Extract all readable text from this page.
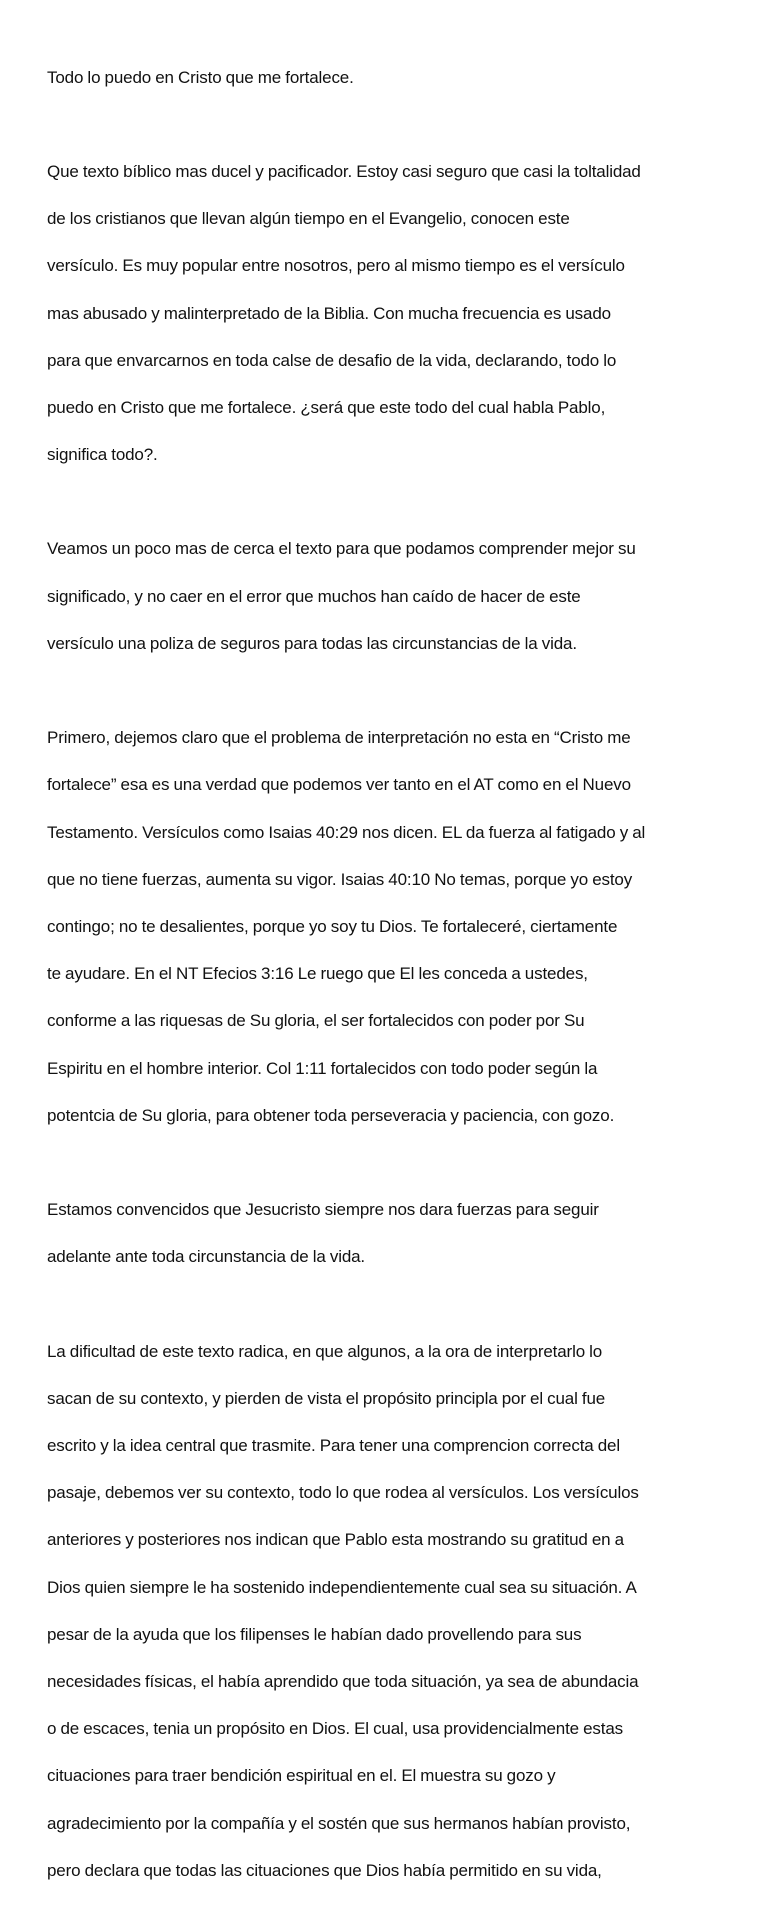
Todo lo puedo en Cristo que me fortalece.

Que texto bíblico mas ducel y pacificador. Estoy casi seguro que casi la toltalidad

de los cristianos que llevan algún tiempo en el Evangelio, conocen este

versículo. Es muy popular entre nosotros, pero al mismo tiempo es el versículo

mas abusado y malinterpretado de la Biblia. Con mucha frecuencia es usado

para que envarcarnos en toda calse de desafio de la vida, declarando, todo lo

puedo en Cristo que me fortalece. ¿será que este todo del cual habla Pablo,

significa todo?.

Veamos un poco mas de cerca el texto para que podamos comprender mejor su

significado, y no caer en el error que muchos han caído de hacer de este

versículo una poliza de seguros para todas las circunstancias de la vida.

Primero, dejemos claro que el problema de interpretación no esta en “Cristo me

fortalece” esa es una verdad que podemos ver tanto en el AT como en el Nuevo

Testamento. Versículos como Isaias 40:29 nos dicen. EL da fuerza al fatigado y al

que no tiene fuerzas, aumenta su vigor. Isaias 40:10 No temas, porque yo estoy

contingo; no te desalientes, porque yo soy tu Dios. Te fortaleceré, ciertamente

te ayudare. En el NT Efecios 3:16 Le ruego que El les conceda a ustedes,

conforme a las riquesas de Su gloria, el ser fortalecidos con poder por Su

Espiritu en el hombre interior. Col 1:11 fortalecidos con todo poder según la

potentcia de Su gloria, para obtener toda perseveracia y paciencia, con gozo.

Estamos convencidos que Jesucristo siempre nos dara fuerzas para seguir

adelante ante toda circunstancia de la vida.

La dificultad de este texto radica, en que algunos, a la ora de interpretarlo lo

sacan de su contexto, y pierden de vista el propósito principla por el cual fue

escrito y la idea central que trasmite. Para tener una comprencion correcta del

pasaje, debemos ver su contexto, todo lo que rodea al versículos. Los versículos

anteriores y posteriores nos indican que Pablo esta mostrando su gratitud en a

Dios quien siempre le ha sostenido independientemente cual sea su situación. A

pesar de la ayuda que los filipenses le habían dado provellendo para sus

necesidades físicas, el había aprendido que toda situación, ya sea de abundacia

o de escaces, tenia un propósito en Dios. El cual, usa providencialmente estas

cituaciones para traer bendición espiritual en el. El muestra su gozo y

agradecimiento por la compañía y el sostén que sus hermanos habían provisto,

pero declara que todas las cituaciones que Dios había permitido en su vida,
